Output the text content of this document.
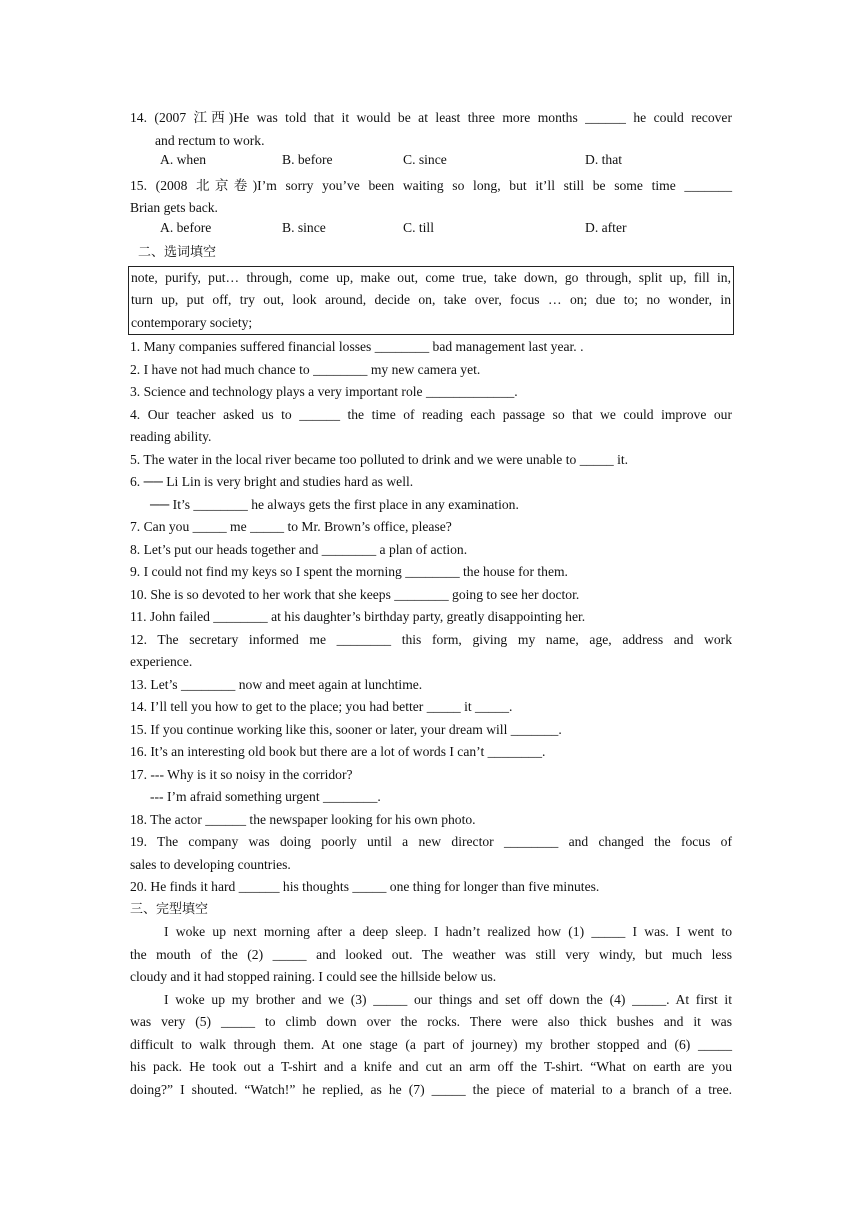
14. (2007 江西)He was told that it would be at least three more months ______ he could recover
and rectum to work.
A. when	B. before	C. since	D. that
15. (2008 北京卷)I’m sorry you’ve been waiting so long, but it’ll still be some time _______
Brian gets back.
A. before	B. since	C. till	D. after
二、选词填空
note, purify, put… through, come up, make out, come true, take down, go through, split up, fill in,
turn up, put off, try out, look around, decide on, take over, focus … on; due to; no wonder, in
contemporary society;
1. Many companies suffered financial losses ________ bad management last year. .
2. I have not had much chance to ________ my new camera yet.
3. Science and technology plays a very important role _____________.
4. Our teacher asked us to ______ the time of reading each passage so that we could improve our
reading ability.
5. The water in the local river became too polluted to drink and we were unable to _____ it.
6. ── Li Lin is very bright and studies hard as well.
── It’s ________ he always gets the first place in any examination.
7. Can you _____ me _____ to Mr. Brown’s office, please?
8. Let’s put our heads together and ________ a plan of action.
9. I could not find my keys so I spent the morning ________ the house for them.
10. She is so devoted to her work that she keeps ________ going to see her doctor.
11. John failed ________ at his daughter’s birthday party, greatly disappointing her.
12. The secretary informed me ________ this form, giving my name, age, address and work
experience.
13. Let’s ________ now and meet again at lunchtime.
14. I’ll tell you how to get to the place; you had better _____ it _____.
15. If you continue working like this, sooner or later, your dream will _______.
16. It’s an interesting old book but there are a lot of words I can’t ________.
17. --- Why is it so noisy in the corridor?
--- I’m afraid something urgent ________.
18. The actor ______ the newspaper looking for his own photo.
19. The company was doing poorly until a new director ________ and changed the focus of
sales to developing countries.
20. He finds it hard ______ his thoughts _____ one thing for longer than five minutes.
三、完型填空
I woke up next morning after a deep sleep. I hadn’t realized how (1) _____ I was. I went to
the mouth of the (2) _____ and looked out. The weather was still very windy, but much less
cloudy and it had stopped raining. I could see the hillside below us.
I woke up my brother and we (3) _____ our things and set off down the (4) _____. At first it
was very (5) _____ to climb down over the rocks. There were also thick bushes and it was
difficult to walk through them. At one stage (a part of journey) my brother stopped and (6) _____
his pack. He took out a T-shirt and a knife and cut an arm off the T-shirt. “What on earth are you
doing?” I shouted. “Watch!” he replied, as he (7) _____ the piece of material to a branch of a tree.
